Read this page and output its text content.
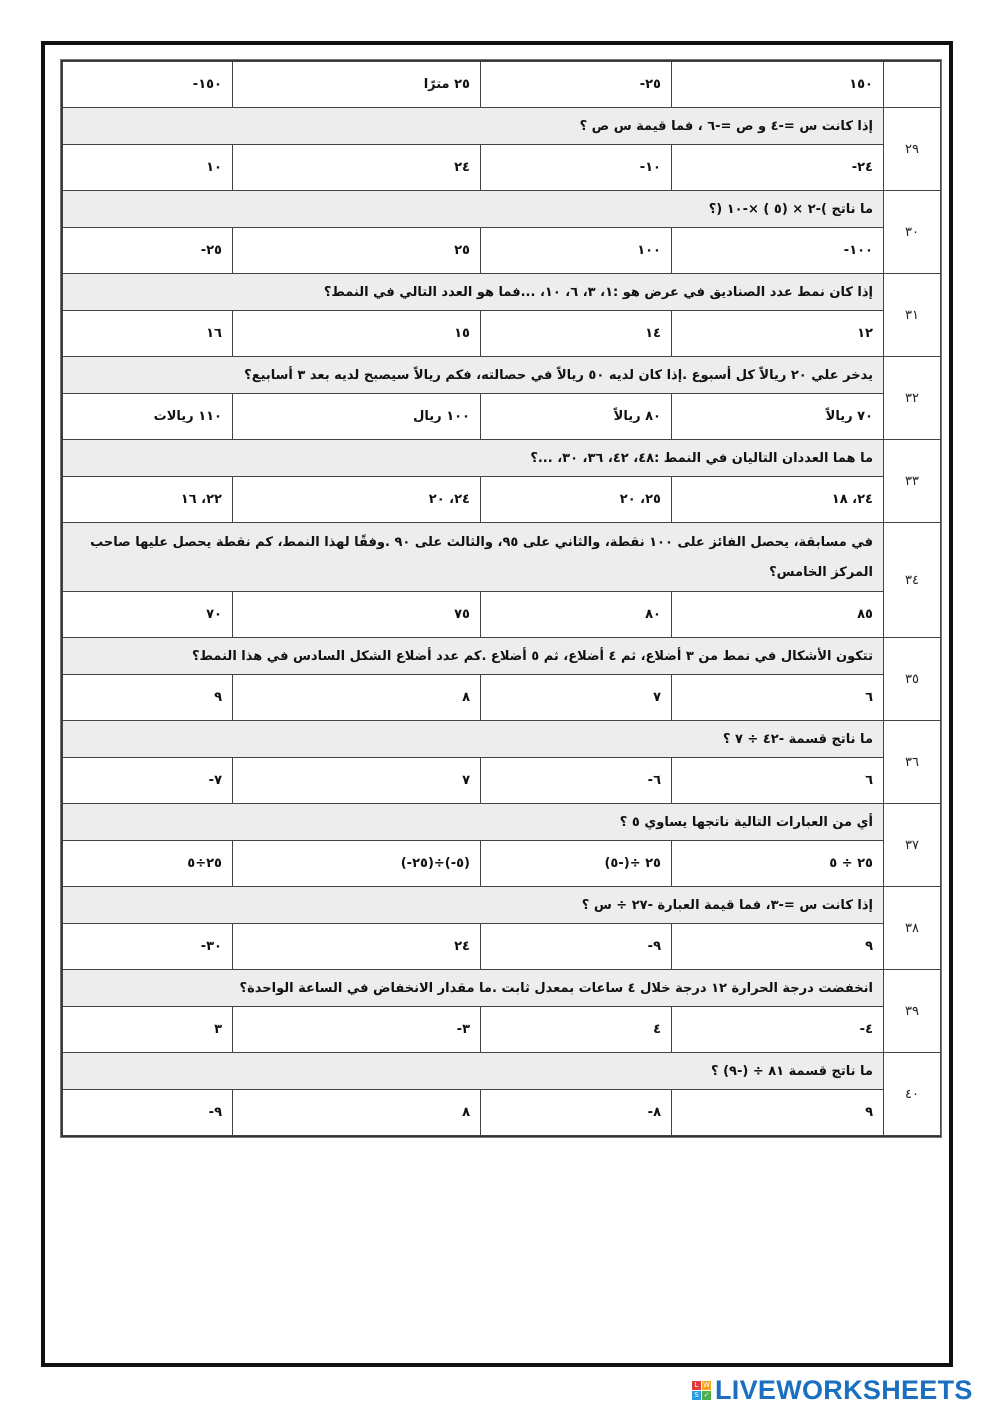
	١٥٠	-٢٥	٢٥ مترًا	-١٥٠
٢٩	إذا كانت س =-٤ و ص =-٦ ، فما قيمة س ص ؟			
	-٢٤	-١٠	٢٤	١٠
٣٠	ما ناتج )-٢ × (٥ ) ×-١٠ (؟			
	-١٠٠	١٠٠	٢٥	-٢٥
٣١	إذا كان نمط عدد الصناديق في عرض هو :١، ٣، ٦، ١٠، ...فما هو العدد التالي في النمط؟			
	١٢	١٤	١٥	١٦
٣٢	يدخر علي ٢٠ ريالاً كل أسبوع .إذا كان لديه ٥٠ ريالاً في حصالته، فكم ريالاً سيصبح لديه بعد ٣ أسابيع؟			
	٧٠ ريالاً	٨٠ ريالاً	١٠٠ ريال	١١٠ ريالات
٣٣	ما هما العددان التاليان في النمط :٤٨، ٤٢، ٣٦، ٣٠، ...؟			
	٢٤، ١٨	٢٥، ٢٠	٢٤، ٢٠	٢٢، ١٦
٣٤	في مسابقة، يحصل الفائز على ١٠٠ نقطة، والثاني على ٩٥، والثالث على ٩٠ .وفقًا لهذا النمط، كم نقطة يحصل عليها صاحب المركز الخامس؟			
	٨٥	٨٠	٧٥	٧٠
٣٥	تتكون الأشكال في نمط من ٣ أضلاع، ثم ٤ أضلاع، ثم ٥ أضلاع .كم عدد أضلاع الشكل السادس في هذا النمط؟			
	٦	٧	٨	٩
٣٦	ما ناتج قسمة -٤٢ ÷ ٧ ؟			
	٦	-٦	٧	-٧
٣٧	أي من العبارات التالية ناتجها يساوي ٥ ؟			
	٢٥ ÷ ٥	٢٥ ÷(-٥)	(-٢٥)÷(-٥)	٢٥÷٥
٣٨	إذا كانت س =-٣، فما قيمة العبارة -٢٧ ÷ س ؟			
	٩	-٩	٢٤	-٣٠
٣٩	انخفضت درجة الحرارة ١٢ درجة خلال ٤ ساعات بمعدل ثابت .ما مقدار الانخفاض في الساعة الواحدة؟			
	-٤	٤	-٣	٣
٤٠	ما ناتج قسمة ٨١ ÷ (-٩) ؟			
	٩	-٨	٨	-٩
L W
S ✓ LIVEWORKSHEETS
